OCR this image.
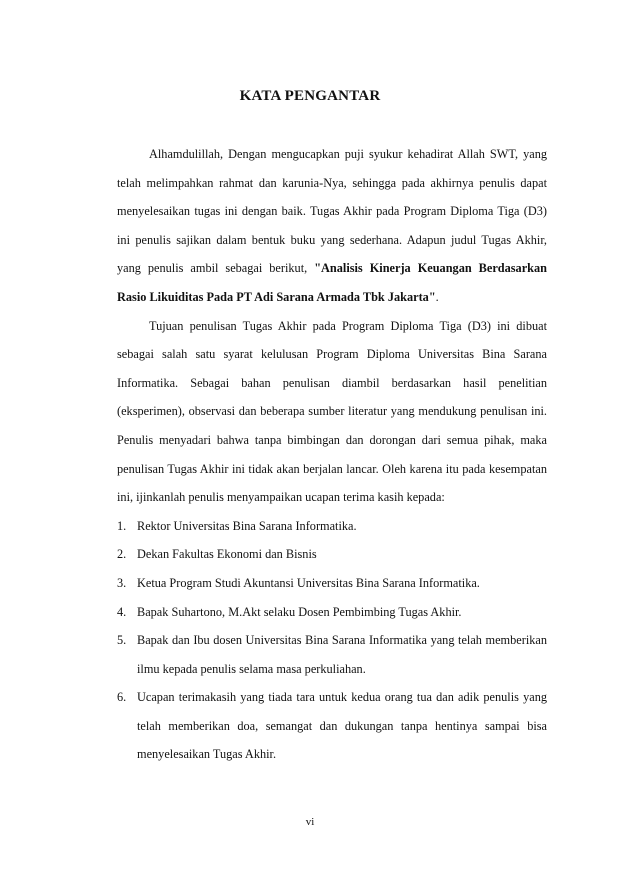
KATA PENGANTAR

Alhamdulillah, Dengan mengucapkan puji syukur kehadirat Allah SWT, yang telah melimpahkan rahmat dan karunia-Nya, sehingga pada akhirnya penulis dapat menyelesaikan tugas ini dengan baik. Tugas Akhir pada Program Diploma Tiga (D3) ini penulis sajikan dalam bentuk buku yang sederhana. Adapun judul Tugas Akhir, yang penulis ambil sebagai berikut, "Analisis Kinerja Keuangan Berdasarkan Rasio Likuiditas Pada PT Adi Sarana Armada Tbk Jakarta".

Tujuan penulisan Tugas Akhir pada Program Diploma Tiga (D3) ini dibuat sebagai salah satu syarat kelulusan Program Diploma Universitas Bina Sarana Informatika. Sebagai bahan penulisan diambil berdasarkan hasil penelitian (eksperimen), observasi dan beberapa sumber literatur yang mendukung penulisan ini. Penulis menyadari bahwa tanpa bimbingan dan dorongan dari semua pihak, maka penulisan Tugas Akhir ini tidak akan berjalan lancar. Oleh karena itu pada kesempatan ini, ijinkanlah penulis menyampaikan ucapan terima kasih kepada:

1. Rektor Universitas Bina Sarana Informatika.
2. Dekan Fakultas Ekonomi dan Bisnis
3. Ketua Program Studi Akuntansi Universitas Bina Sarana Informatika.
4. Bapak Suhartono, M.Akt selaku Dosen Pembimbing Tugas Akhir.
5. Bapak dan Ibu dosen Universitas Bina Sarana Informatika yang telah memberikan ilmu kepada penulis selama masa perkuliahan.
6. Ucapan terimakasih yang tiada tara untuk kedua orang tua dan adik penulis yang telah memberikan doa, semangat dan dukungan tanpa hentinya sampai bisa menyelesaikan Tugas Akhir.
vi
